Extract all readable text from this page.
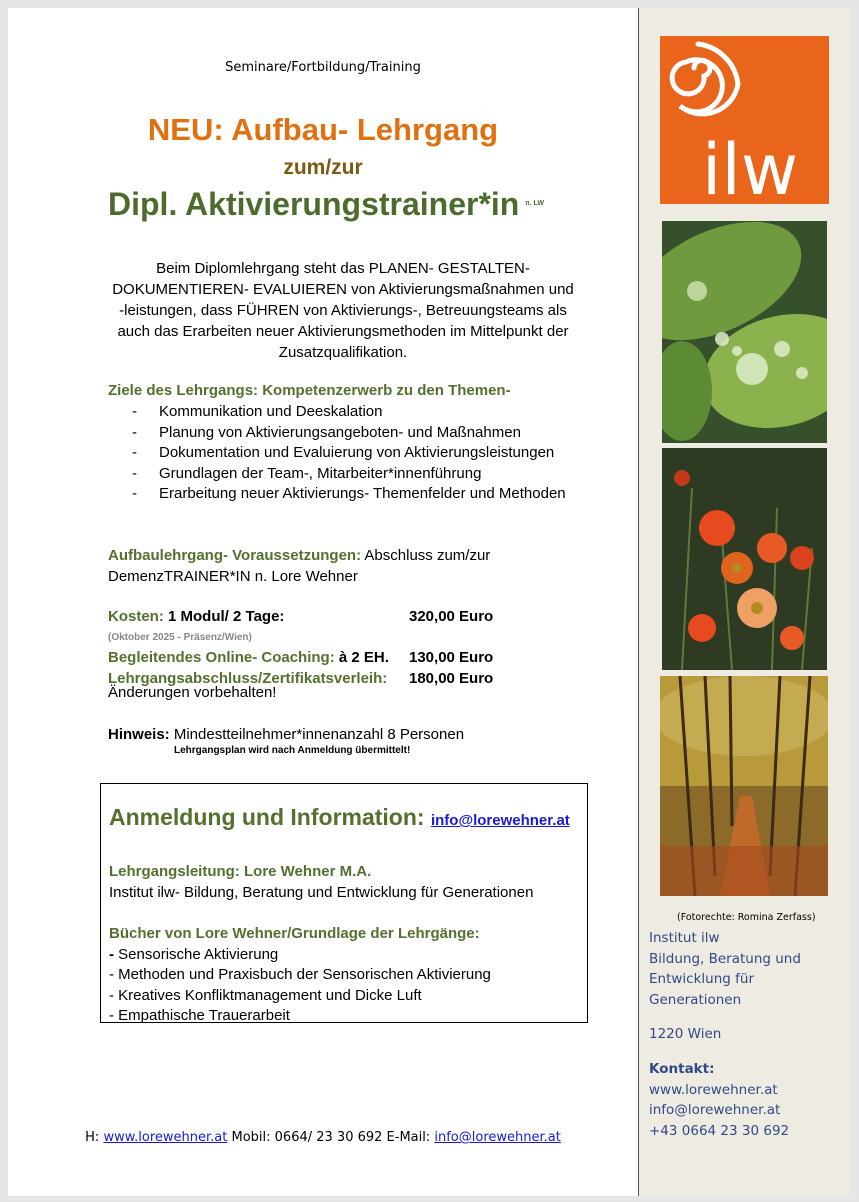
Seminare/Fortbildung/Training
NEU: Aufbau- Lehrgang
zum/zur
Dipl. Aktivierungstrainer*in $^{n. LW}$
Beim Diplomlehrgang steht das PLANEN- GESTALTEN-DOKUMENTIEREN- EVALUIEREN von Aktivierungsmaßnahmen und -leistungen, dass FÜHREN von Aktivierungs-, Betreuungsteams als auch das Erarbeiten neuer Aktivierungsmethoden im Mittelpunkt der Zusatzqualifikation.
Ziele des Lehrgangs: Kompetenzerwerb zu den Themen-
- Kommunikation und Deeskalation
- Planung von Aktivierungsangeboten- und Maßnahmen
- Dokumentation und Evaluierung von Aktivierungsleistungen
- Grundlagen der Team-, Mitarbeiter*innenführung
- Erarbeitung neuer Aktivierungs- Themenfelder und Methoden
Aufbaulehrgang- Voraussetzungen: Abschluss zum/zur DemenzTRAINER*IN n. Lore Wehner
Kosten: 1 Modul/ 2 Tage:	320,00 Euro
(Oktober 2025 - Präsenz/Wien)	
Begleitendes Online- Coaching: à 2 EH.	130,00 Euro
Lehrgangsabschluss/Zertifikatsverleih:	180,00 Euro
Änderungen vorbehalten!
Hinweis: Mindestteilnehmer*innenanzahl 8 Personen
Lehrgangsplan wird nach Anmeldung übermittelt!
Anmeldung und Information: info@lorewehner.at
Lehrgangsleitung: Lore Wehner M.A.
Institut ilw- Bildung, Beratung und Entwicklung für Generationen
Bücher von Lore Wehner/Grundlage der Lehrgänge:
- Sensorische Aktivierung
- Methoden und Praxisbuch der Sensorischen Aktivierung
- Kreatives Konfliktmanagement und Dicke Luft
- Empathische Trauerarbeit
H: www.lorewehner.at Mobil: 0664/ 23 30 692 E-Mail: info@lorewehner.at
ilw
(Fotorechte: Romina Zerfass)
Institut ilw
Bildung, Beratung und
Entwicklung für
Generationen
1220 Wien
Kontakt:
www.lorewehner.at
info@lorewehner.at
+43 0664 23 30 692
